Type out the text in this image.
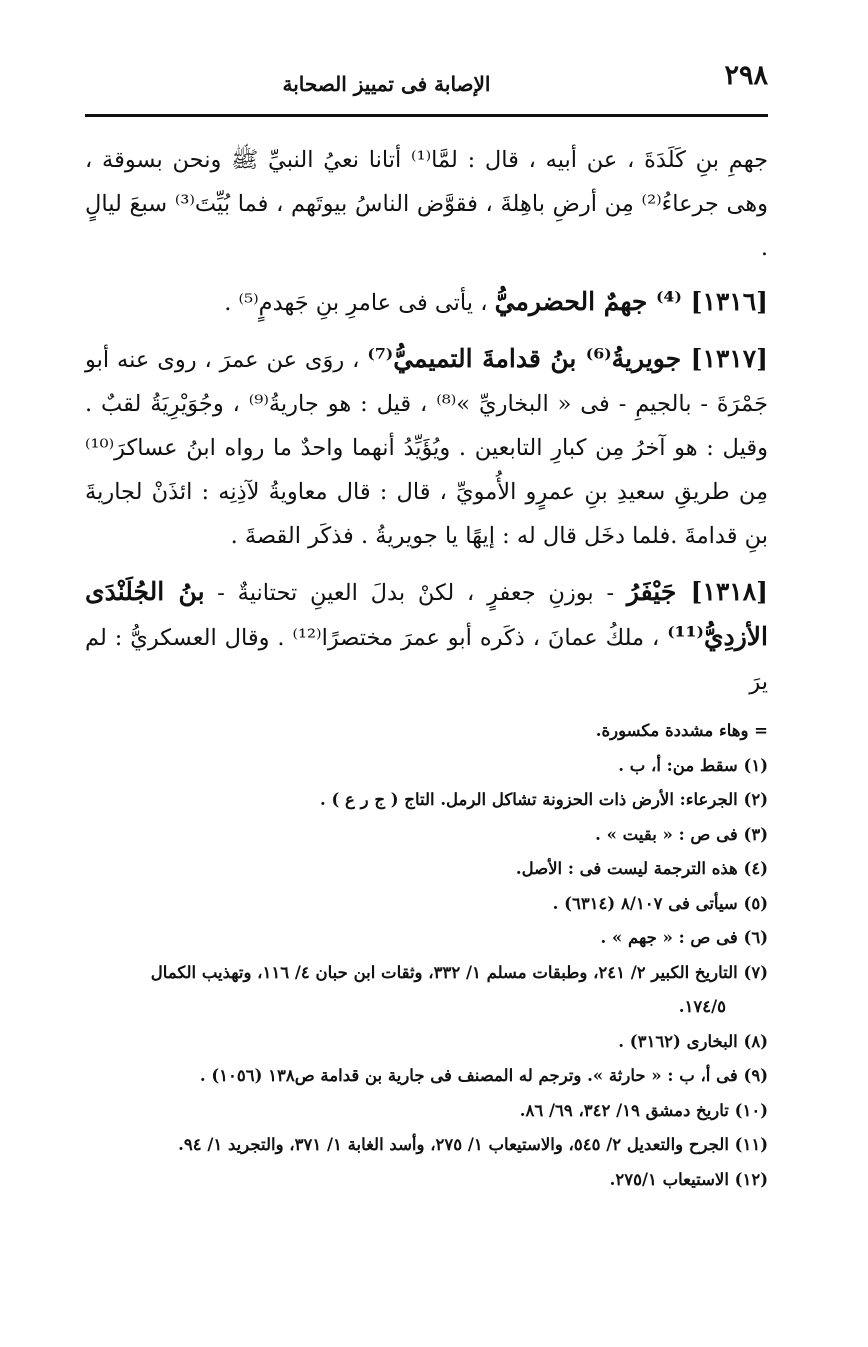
٢٩٨
الإصابة فى تمييز الصحابة

جهمِ بنِ كَلَدَةَ ، عن أبيه ، قال : لمَّا⁽¹⁾ أتانا نعيُ النبيِّ ﷺ ونحن بسوقة ، وهى جرعاءُ⁽²⁾ مِن أرضِ باهِلةَ ، فقوَّض الناسُ بيوتَهم ، فما بُيِّتَ⁽³⁾ سبعَ ليالٍ .

[١٣١٦] ⁽⁴⁾ جهمٌ الحضرميُّ ، يأتى فى عامرِ بنِ جَهدمٍ⁽⁵⁾ .

[١٣١٧] جويريةُ⁽⁶⁾ بنُ قدامةَ التميميُّ⁽⁷⁾ ، روَى عن عمرَ ، روى عنه أبو جَمْرَةَ - بالجيمِ - فى « البخاريِّ »⁽⁸⁾ ، قيل : هو جاريةُ⁽⁹⁾ ، وجُوَيْرِيَةُ لقبٌ . وقيل : هو آخرُ مِن كبارِ التابعين . ويُؤَيِّدُ أنهما واحدٌ ما رواه ابنُ عساكرَ⁽¹⁰⁾ مِن طريقِ سعيدِ بنِ عمرٍو الأُمويِّ ، قال : قال معاويةُ لآذِنِه : ائذَنْ لجاريةَ بنِ قدامةَ .فلما دخَل قال له : إيهًا يا جويريةُ . فذكَر القصةَ .

[١٣١٨] جَيْفَرُ - بوزنِ جعفرٍ ، لكنْ بدلَ العينِ تحتانيةٌ - بنُ الجُلَنْدَى الأزدِيُّ⁽¹¹⁾ ، ملكُ عمانَ ، ذكَره أبو عمرَ مختصرًا⁽¹²⁾ . وقال العسكريُّ : لم يرَ

= وهاء مشددة مكسورة.

(١) سقط من: أ، ب .

(٢) الجرعاء: الأرض ذات الحزونة تشاكل الرمل. التاج ( ج ر ع ) .

(٣) فى ص : « بقيت » .

(٤) هذه الترجمة ليست فى : الأصل.

(٥) سيأتى فى ٨/١٠٧ (٦٣١٤) .

(٦) فى ص : « جهم » .

(٧) التاريخ الكبير ٢/ ٢٤١، وطبقات مسلم ١/ ٣٣٢، وثقات ابن حبان ٤/ ١١٦، وتهذيب الكمال

١٧٤/٥.

(٨) البخارى (٣١٦٢) .

(٩) فى أ، ب : « حارثة ». وترجم له المصنف فى جارية بن قدامة ص١٣٨ (١٠٥٦) .

(١٠) تاريخ دمشق ١٩/ ٣٤٢، ٦٩/ ٨٦.

(١١) الجرح والتعديل ٢/ ٥٤٥، والاستيعاب ١/ ٢٧٥، وأسد الغابة ١/ ٣٧١، والتجريد ١/ ٩٤.

(١٢) الاستيعاب ٢٧٥/١.
